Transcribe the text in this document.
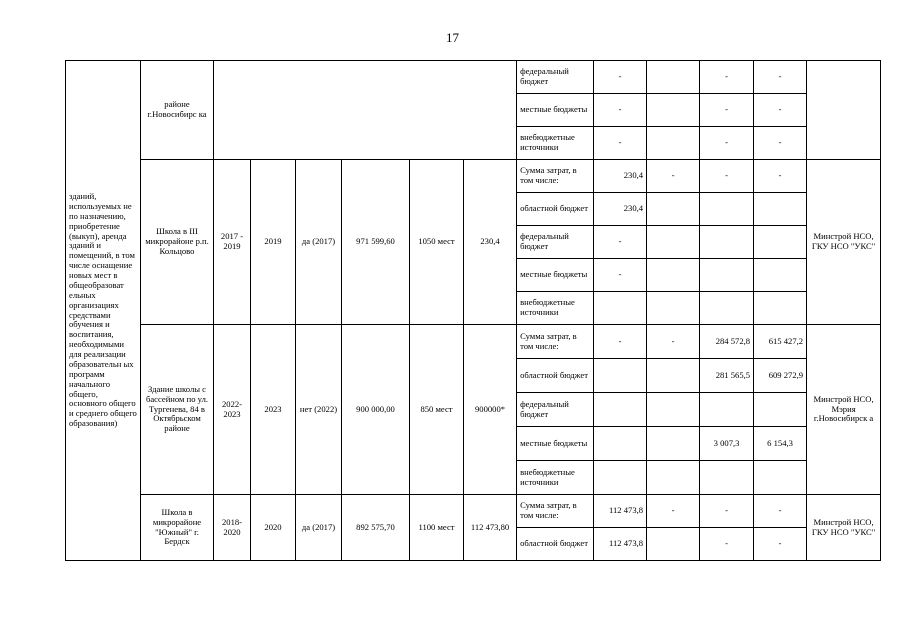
17
зданий, используемых не по назначению, приобретение (выкуп), аренда зданий и помещений, в том числе оснащение новых мест в общеобразоват ельных организациях средствами обучения и воспитания, необходимыми для реализации образовательн ых программ начального общего, основного общего и среднего общего образования)	районе г.Новосибирс ка							федеральный бюджет	-		-	-	
								местные бюджеты	-		-	-	
								внебюджетные источники	-		-	-	
	Школа в III микрорайоне р.п. Кольцово	2017 - 2019	2019	да (2017)	971 599,60	1050 мест	230,4	Сумма затрат, в том числе:	230,4	-	-	-	Минстрой НСО, ГКУ НСО "УКС"
								областной бюджет	230,4				
								федеральный бюджет	-				
								местные бюджеты	-				
								внебюджетные источники					
	Здание школы с бассейном по ул. Тургенева, 84 в Октябрьском районе	2022-2023	2023	нет (2022)	900 000,00	850 мест	900000*	Сумма затрат, в том числе:	-	-	284 572,8	615 427,2	Минстрой НСО, Мэрия г.Новосибирск а
								областной бюджет			281 565,5	609 272,9	
								федеральный бюджет					
								местные бюджеты			3 007,3	6 154,3	
								внебюджетные источники					
	Школа в микрорайоне "Южный" г. Бердск	2018-2020	2020	да (2017)	892 575,70	1100 мест	112 473,80	Сумма затрат, в том числе:	112 473,8	-	-	-	Минстрой НСО, ГКУ НСО "УКС"
								областной бюджет	112 473,8		-	-	
